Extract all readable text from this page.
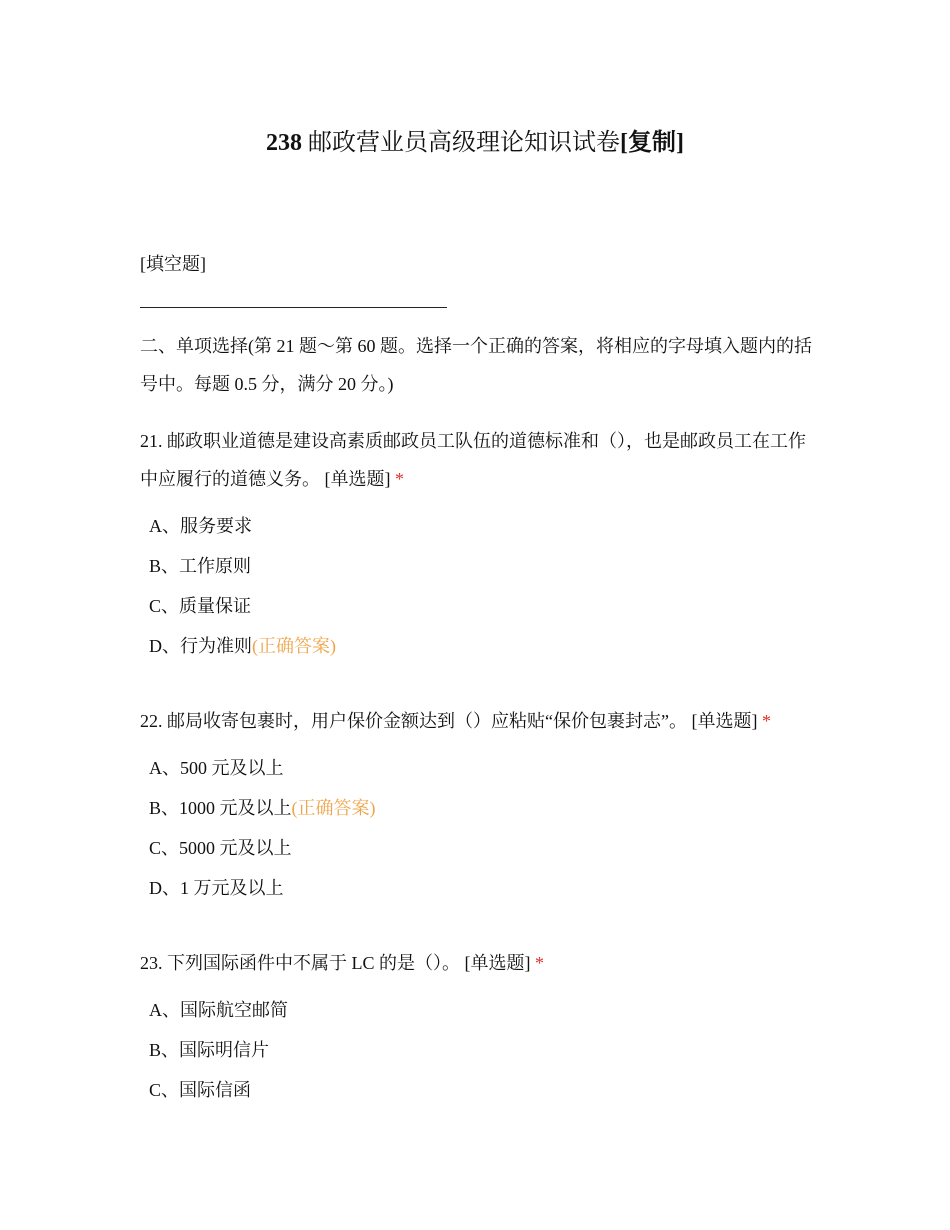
238 邮政营业员高级理论知识试卷[复制]
[填空题]
二、单项选择(第 21 题～第 60 题。选择一个正确的答案，将相应的字母填入题内的括号中。每题 0.5 分，满分 20 分。)
21. 邮政职业道德是建设高素质邮政员工队伍的道德标准和（），也是邮政员工在工作中应履行的道德义务。 [单选题] *
A、服务要求
B、工作原则
C、质量保证
D、行为准则(正确答案)
22. 邮局收寄包裹时，用户保价金额达到（）应粘贴“保价包裹封志”。 [单选题] *
A、500 元及以上
B、1000 元及以上(正确答案)
C、5000 元及以上
D、1 万元及以上
23. 下列国际函件中不属于 LC 的是（）。 [单选题] *
A、国际航空邮简
B、国际明信片
C、国际信函
